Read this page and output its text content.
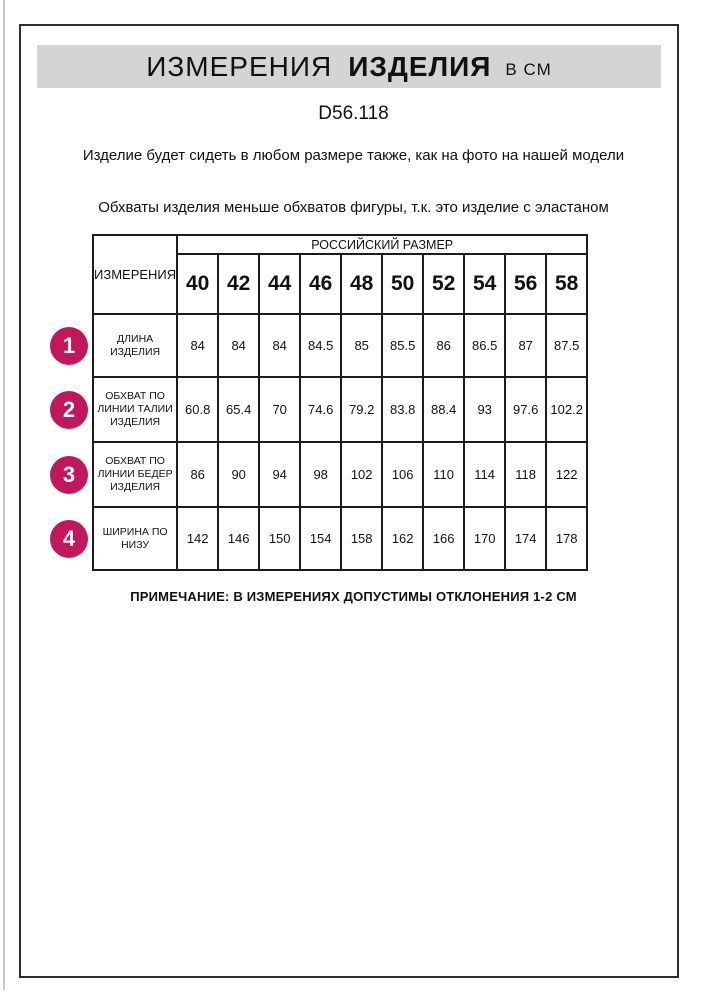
ИЗМЕРЕНИЯ ИЗДЕЛИЯ В СМ
D56.118

Изделие будет сидеть в любом размере также, как на фото на нашей модели

Обхваты изделия меньше обхватов фигуры, т.к. это изделие с эластаном

ИЗМЕРЕНИЯ	РОССИЙСКИЙ РАЗМЕР									
	40	42	44	46	48	50	52	54	56	58
ДЛИНА ИЗДЕЛИЯ	84	84	84	84.5	85	85.5	86	86.5	87	87.5
ОБХВАТ ПО ЛИНИИ ТАЛИИ ИЗДЕЛИЯ	60.8	65.4	70	74.6	79.2	83.8	88.4	93	97.6	102.2
ОБХВАТ ПО ЛИНИИ БЕДЕР ИЗДЕЛИЯ	86	90	94	98	102	106	110	114	118	122
ШИРИНА ПО НИЗУ	142	146	150	154	158	162	166	170	174	178
ПРИМЕЧАНИЕ: В ИЗМЕРЕНИЯХ ДОПУСТИМЫ ОТКЛОНЕНИЯ 1-2 СМ
1
2
3
4
